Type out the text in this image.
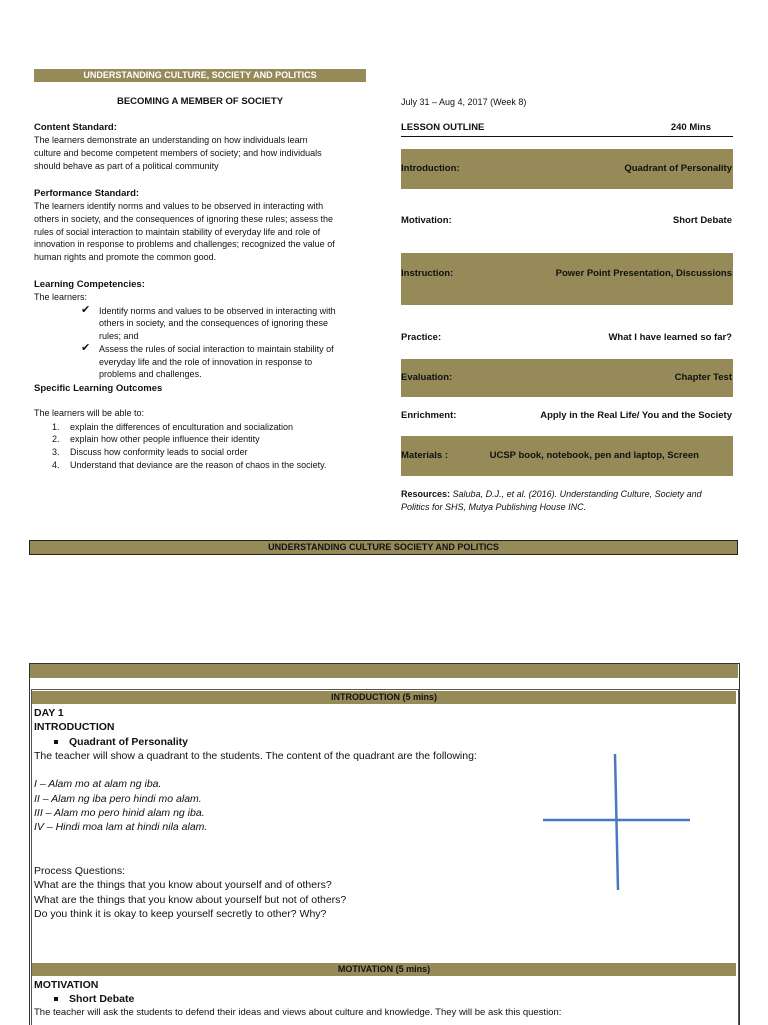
UNDERSTANDING CULTURE, SOCIETY AND POLITICS
BECOMING A MEMBER OF SOCIETY
Content Standard:
The learners demonstrate an understanding on how individuals learn
culture and become competent members of society; and how individuals
should behave as part of a political community
Performance Standard:
The learners identify norms and values to be observed in interacting with
others in society, and the consequences of ignoring these rules; assess the
rules of social interaction to maintain stability of everyday life and role of
innovation in response to problems and challenges; recognized the value of
human rights and promote the common good.
Learning Competencies:
The learners:
✔ Identify norms and values to be observed in interacting with
others in society, and the consequences of ignoring these
rules; and
✔ Assess the rules of social interaction to maintain stability of
everyday life and the role of innovation in response to
problems and challenges.
Specific Learning Outcomes
The learners will be able to:
1. explain the differences of enculturation and socialization
2. explain how other people influence their identity
3. Discuss how conformity leads to social order
4. Understand that deviance are the reason of chaos in the society.
July 31 – Aug 4, 2017 (Week 8)
LESSON OUTLINE	240 Mins
Introduction:	Quadrant of Personality
Motivation:	Short Debate
Instruction:	Power Point Presentation, Discussions
Practice:	What I have learned so far?
Evaluation:	Chapter Test
Enrichment:	Apply in the Real Life/ You and the Society
Materials :	UCSP book, notebook, pen and laptop, Screen
Resources: Saluba, D.J., et al. (2016). Understanding Culture, Society and
Politics for SHS, Mutya Publishing House INC.
UNDERSTANDING CULTURE SOCIETY AND POLITICS
INTRODUCTION (5 mins)
DAY 1
INTRODUCTION
Quadrant of Personality
The teacher will show a quadrant to the students. The content of the quadrant are the following:
I – Alam mo at alam ng iba.
II – Alam ng iba pero hindi mo alam.
III – Alam mo pero hinid alam ng iba.
IV – Hindi moa lam at hindi nila alam.
Process Questions:
What are the things that you know about yourself and of others?
What are the things that you know about yourself but not of others?
Do you think it is okay to keep yourself secretly to other? Why?
MOTIVATION (5 mins)
MOTIVATION
Short Debate
The teacher will ask the students to defend their ideas and views about culture and knowledge. They will be ask this question:
